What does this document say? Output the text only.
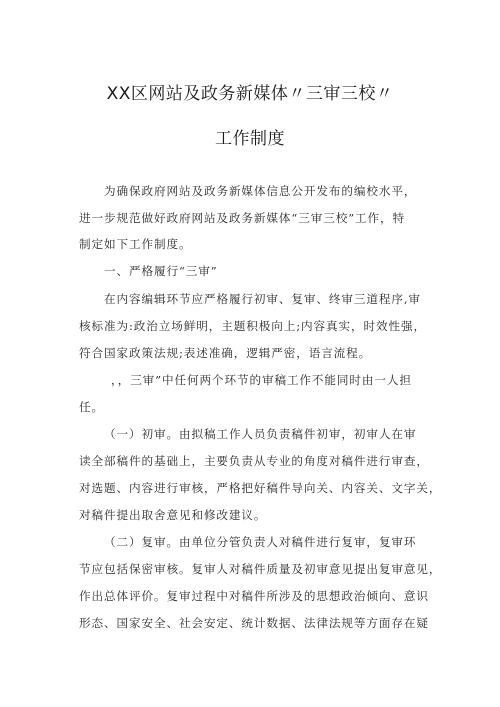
XX区网站及政务新媒体〃三审三校〃
工作制度
为确保政府网站及政务新媒体信息公开发布的编校水平，
进一步规范做好政府网站及政务新媒体“三审三校”工作，特
制定如下工作制度。
一、严格履行“三审”
在内容编辑环节应严格履行初审、复审、终审三道程序,审
核标准为:政治立场鲜明，主题积极向上;内容真实，时效性强，
符合国家政策法规;表述准确，逻辑严密，语言流程。
，，三审”中任何两个环节的审稿工作不能同时由一人担
任。
（一）初审。由拟稿工作人员负责稿件初审，初审人在审
读全部稿件的基础上，主要负责从专业的角度对稿件进行审查，
对选题、内容进行审核，严格把好稿件导向关、内容关、文字关，
对稿件提出取舍意见和修改建议。
（二）复审。由单位分管负责人对稿件进行复审，复审环
节应包括保密审核。复审人对稿件质量及初审意见提出复审意见，
作出总体评价。复审过程中对稿件所涉及的思想政治倾向、意识
形态、国家安全、社会安定、统计数据、法律法规等方面存在疑
